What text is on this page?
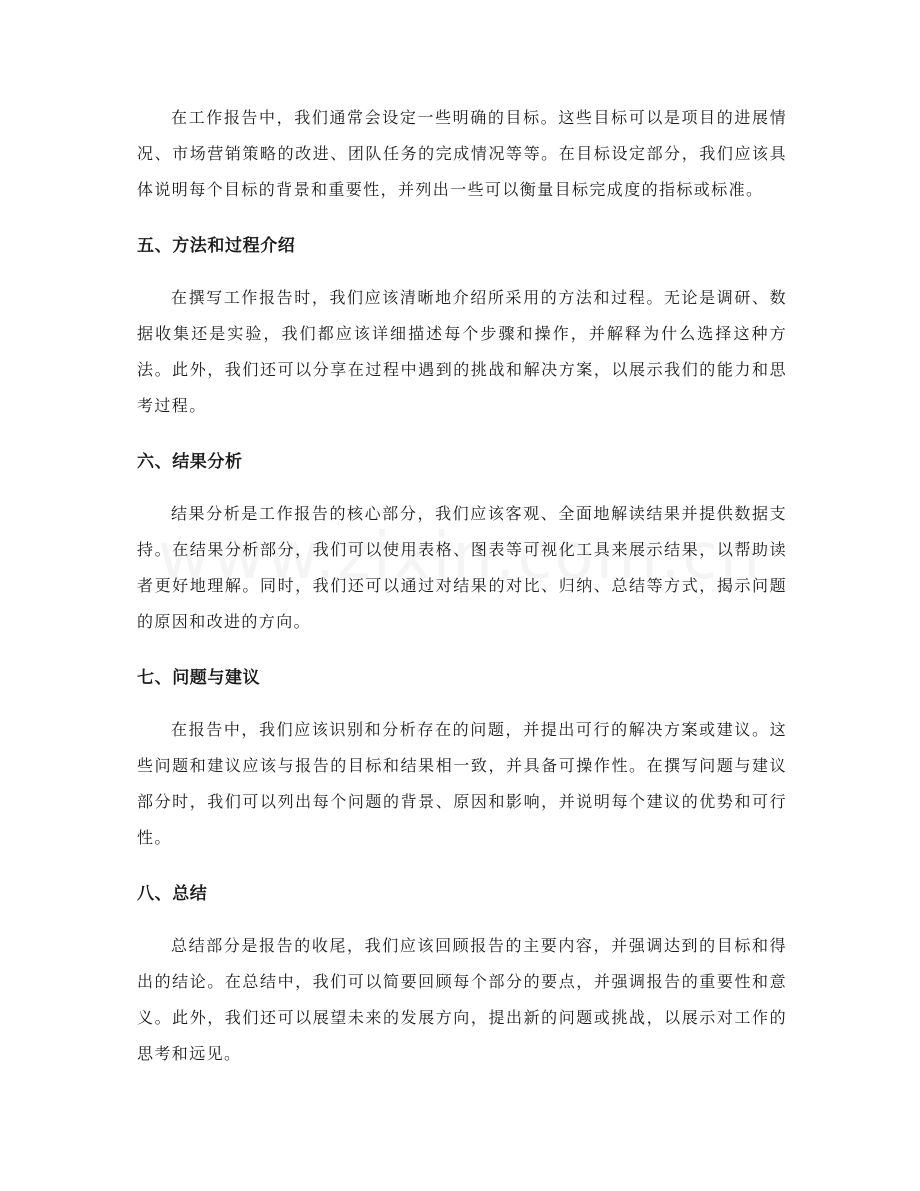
在工作报告中，我们通常会设定一些明确的目标。这些目标可以是项目的进展情况、市场营销策略的改进、团队任务的完成情况等等。在目标设定部分，我们应该具体说明每个目标的背景和重要性，并列出一些可以衡量目标完成度的指标或标准。

五、方法和过程介绍

在撰写工作报告时，我们应该清晰地介绍所采用的方法和过程。无论是调研、数据收集还是实验，我们都应该详细描述每个步骤和操作，并解释为什么选择这种方法。此外，我们还可以分享在过程中遇到的挑战和解决方案，以展示我们的能力和思考过程。

六、结果分析

结果分析是工作报告的核心部分，我们应该客观、全面地解读结果并提供数据支持。在结果分析部分，我们可以使用表格、图表等可视化工具来展示结果，以帮助读者更好地理解。同时，我们还可以通过对结果的对比、归纳、总结等方式，揭示问题的原因和改进的方向。

七、问题与建议

在报告中，我们应该识别和分析存在的问题，并提出可行的解决方案或建议。这些问题和建议应该与报告的目标和结果相一致，并具备可操作性。在撰写问题与建议部分时，我们可以列出每个问题的背景、原因和影响，并说明每个建议的优势和可行性。

八、总结

总结部分是报告的收尾，我们应该回顾报告的主要内容，并强调达到的目标和得出的结论。在总结中，我们可以简要回顾每个部分的要点，并强调报告的重要性和意义。此外，我们还可以展望未来的发展方向，提出新的问题或挑战，以展示对工作的思考和远见。
